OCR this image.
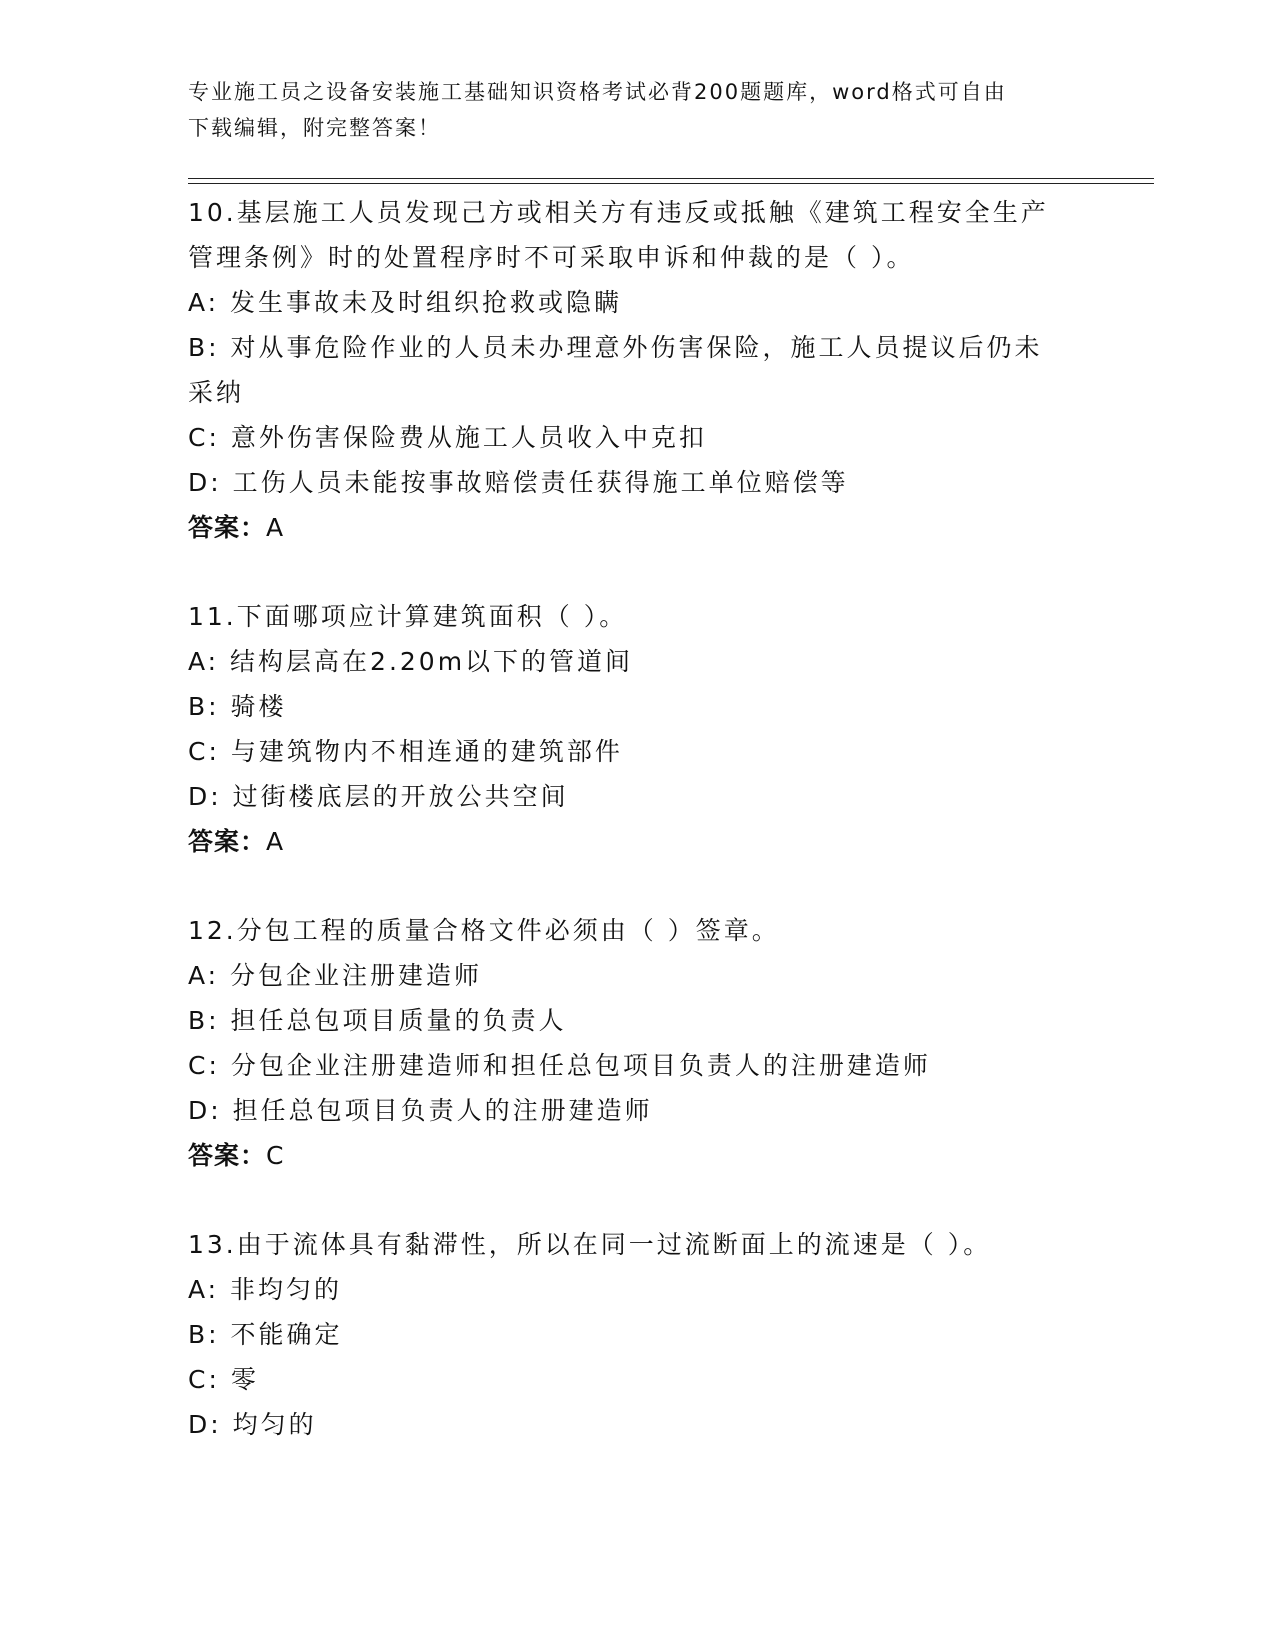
专业施工员之设备安装施工基础知识资格考试必背200题题库，word格式可自由
下载编辑，附完整答案！

10.基层施工人员发现己方或相关方有违反或抵触《建筑工程安全生产

管理条例》时的处置程序时不可采取申诉和仲裁的是（ ）。

A: 发生事故未及时组织抢救或隐瞒

B: 对从事危险作业的人员未办理意外伤害保险，施工人员提议后仍未

采纳

C: 意外伤害保险费从施工人员收入中克扣

D: 工伤人员未能按事故赔偿责任获得施工单位赔偿等

答案：A

11.下面哪项应计算建筑面积（ ）。

A: 结构层高在2.20m以下的管道间

B: 骑楼

C: 与建筑物内不相连通的建筑部件

D: 过街楼底层的开放公共空间

答案：A

12.分包工程的质量合格文件必须由（ ）签章。

A: 分包企业注册建造师

B: 担任总包项目质量的负责人

C: 分包企业注册建造师和担任总包项目负责人的注册建造师

D: 担任总包项目负责人的注册建造师

答案：C

13.由于流体具有黏滞性，所以在同一过流断面上的流速是（ ）。

A: 非均匀的

B: 不能确定

C: 零

D: 均匀的
